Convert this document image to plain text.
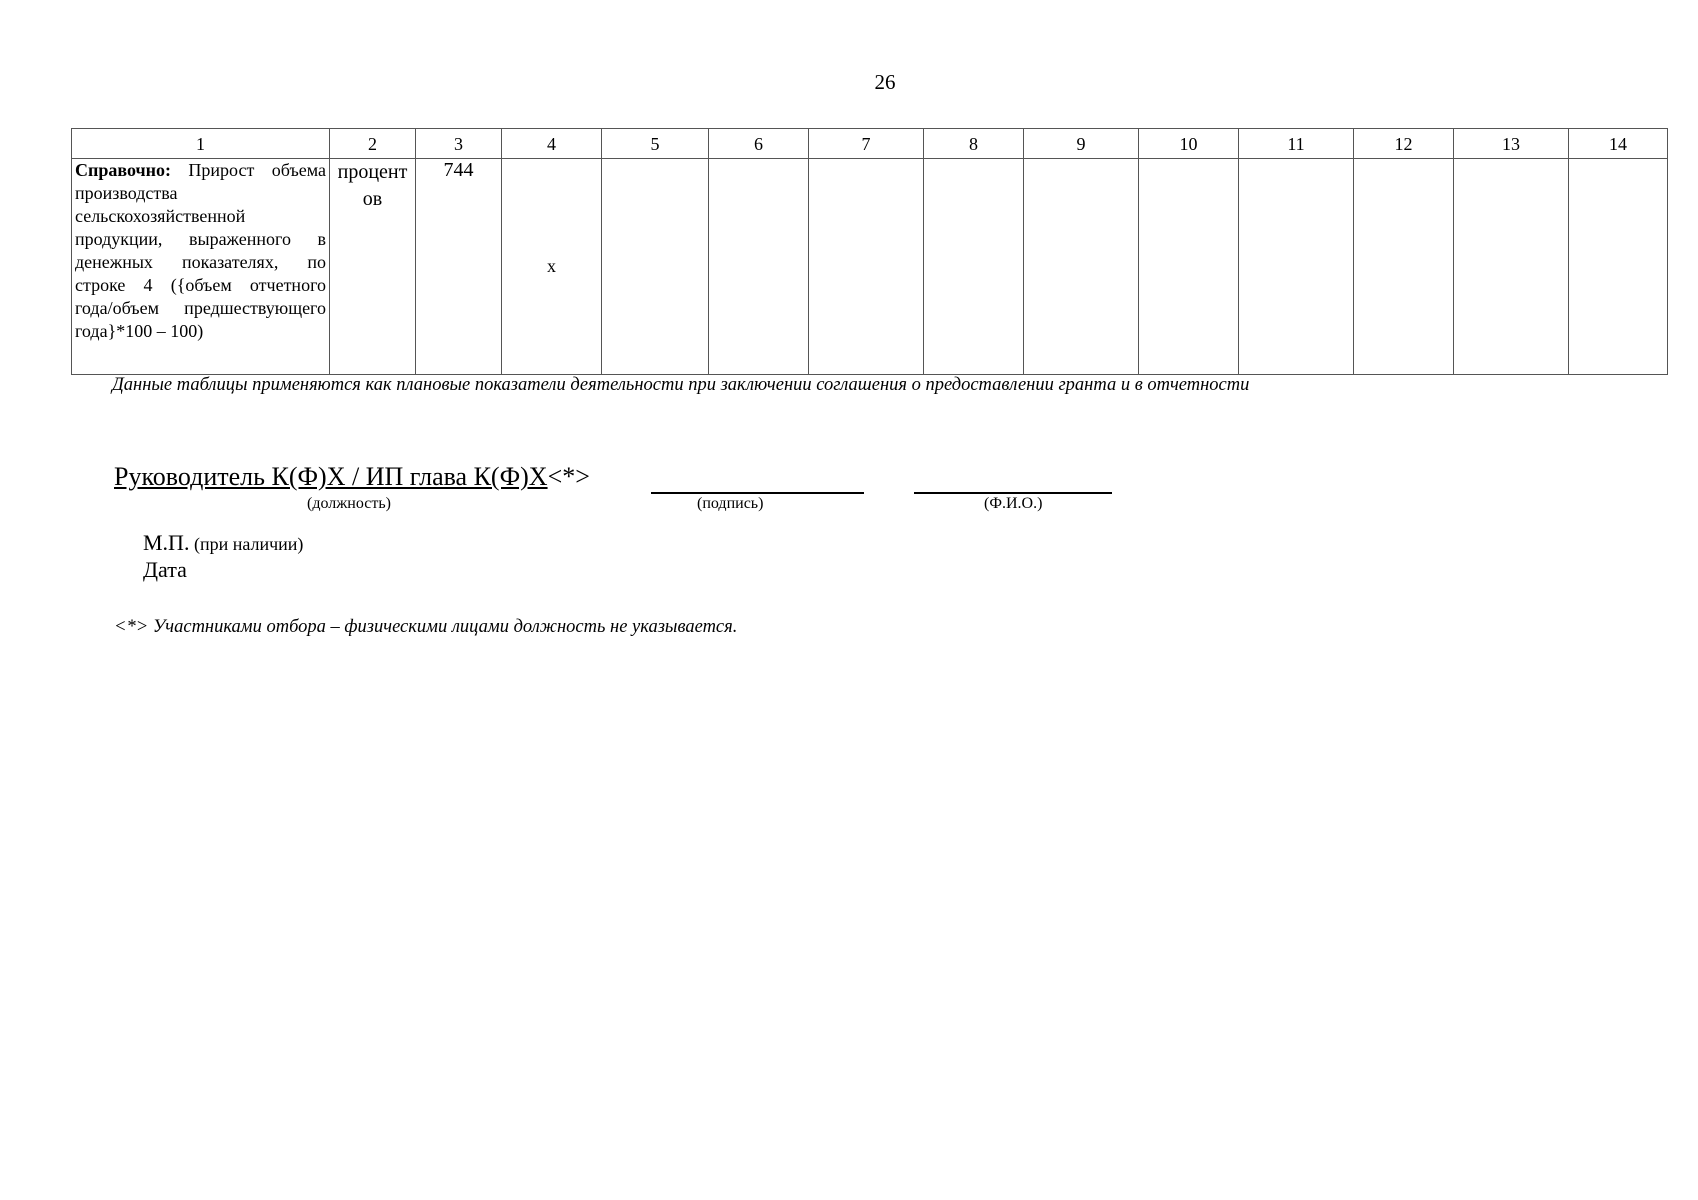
26
1	2	3	4	5	6	7	8	9	10	11	12	13	14
Справочно: Прирост объема производства сельскохозяйственной продукции, выраженного в денежных показателях, по строке 4 ({объем отчетного года/объем предшествующего года}*100 – 100)	процентов	744	x										
Данные таблицы применяются как плановые показатели деятельности при заключении соглашения о предоставлении гранта и в отчетности
Руководитель К(Ф)Х / ИП глава К(Ф)Х<*>
(должность)	(подпись)	(Ф.И.О.)
М.П. (при наличии)
Дата
<*> Участниками отбора – физическими лицами должность не указывается.
